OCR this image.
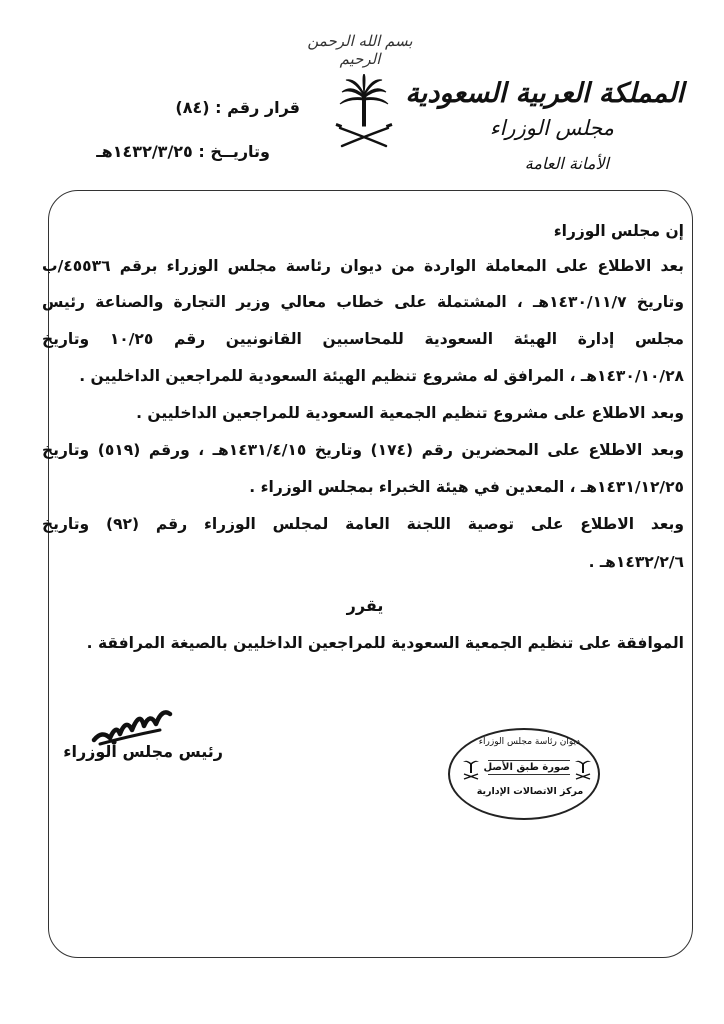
بسم الله الرحمن الرحيم
المملكة العربية السعودية
مجلس الوزراء
الأمانة العامة
قرار رقم : (٨٤)
وتاريــخ : ١٤٣٢/٣/٢٥هـ
إن مجلس الوزراء
بعد الاطلاع على المعاملة الواردة من ديوان رئاسة مجلس الوزراء برقم ٤٥٥٣٦/ب
وتاريخ ١٤٣٠/١١/٧هـ ، المشتملة على خطاب معالي وزير التجارة والصناعة رئيس
مجلس إدارة الهيئة السعودية للمحاسبين القانونيين رقم ١٠/٢٥ وتاريخ
١٤٣٠/١٠/٢٨هـ ، المرافق له مشروع تنظيم الهيئة السعودية للمراجعين الداخليين .
وبعد الاطلاع على مشروع تنظيم الجمعية السعودية للمراجعين الداخليين .
وبعد الاطلاع على المحضرين رقم (١٧٤) وتاريخ ١٤٣١/٤/١٥هـ ، ورقم (٥١٩) وتاريخ
١٤٣١/١٢/٢٥هـ ، المعدين في هيئة الخبراء بمجلس الوزراء .
وبعد الاطلاع على توصية اللجنة العامة لمجلس الوزراء رقم (٩٢) وتاريخ
١٤٣٢/٢/٦هـ .
يقرر
الموافقة على تنظيم الجمعية السعودية للمراجعين الداخليين بالصيغة المرافقة .
رئيس مجلس الوزراء	ديوان رئاسة مجلس الوزراء
صورة طبق الأصل
مركز الاتصالات الإدارية
